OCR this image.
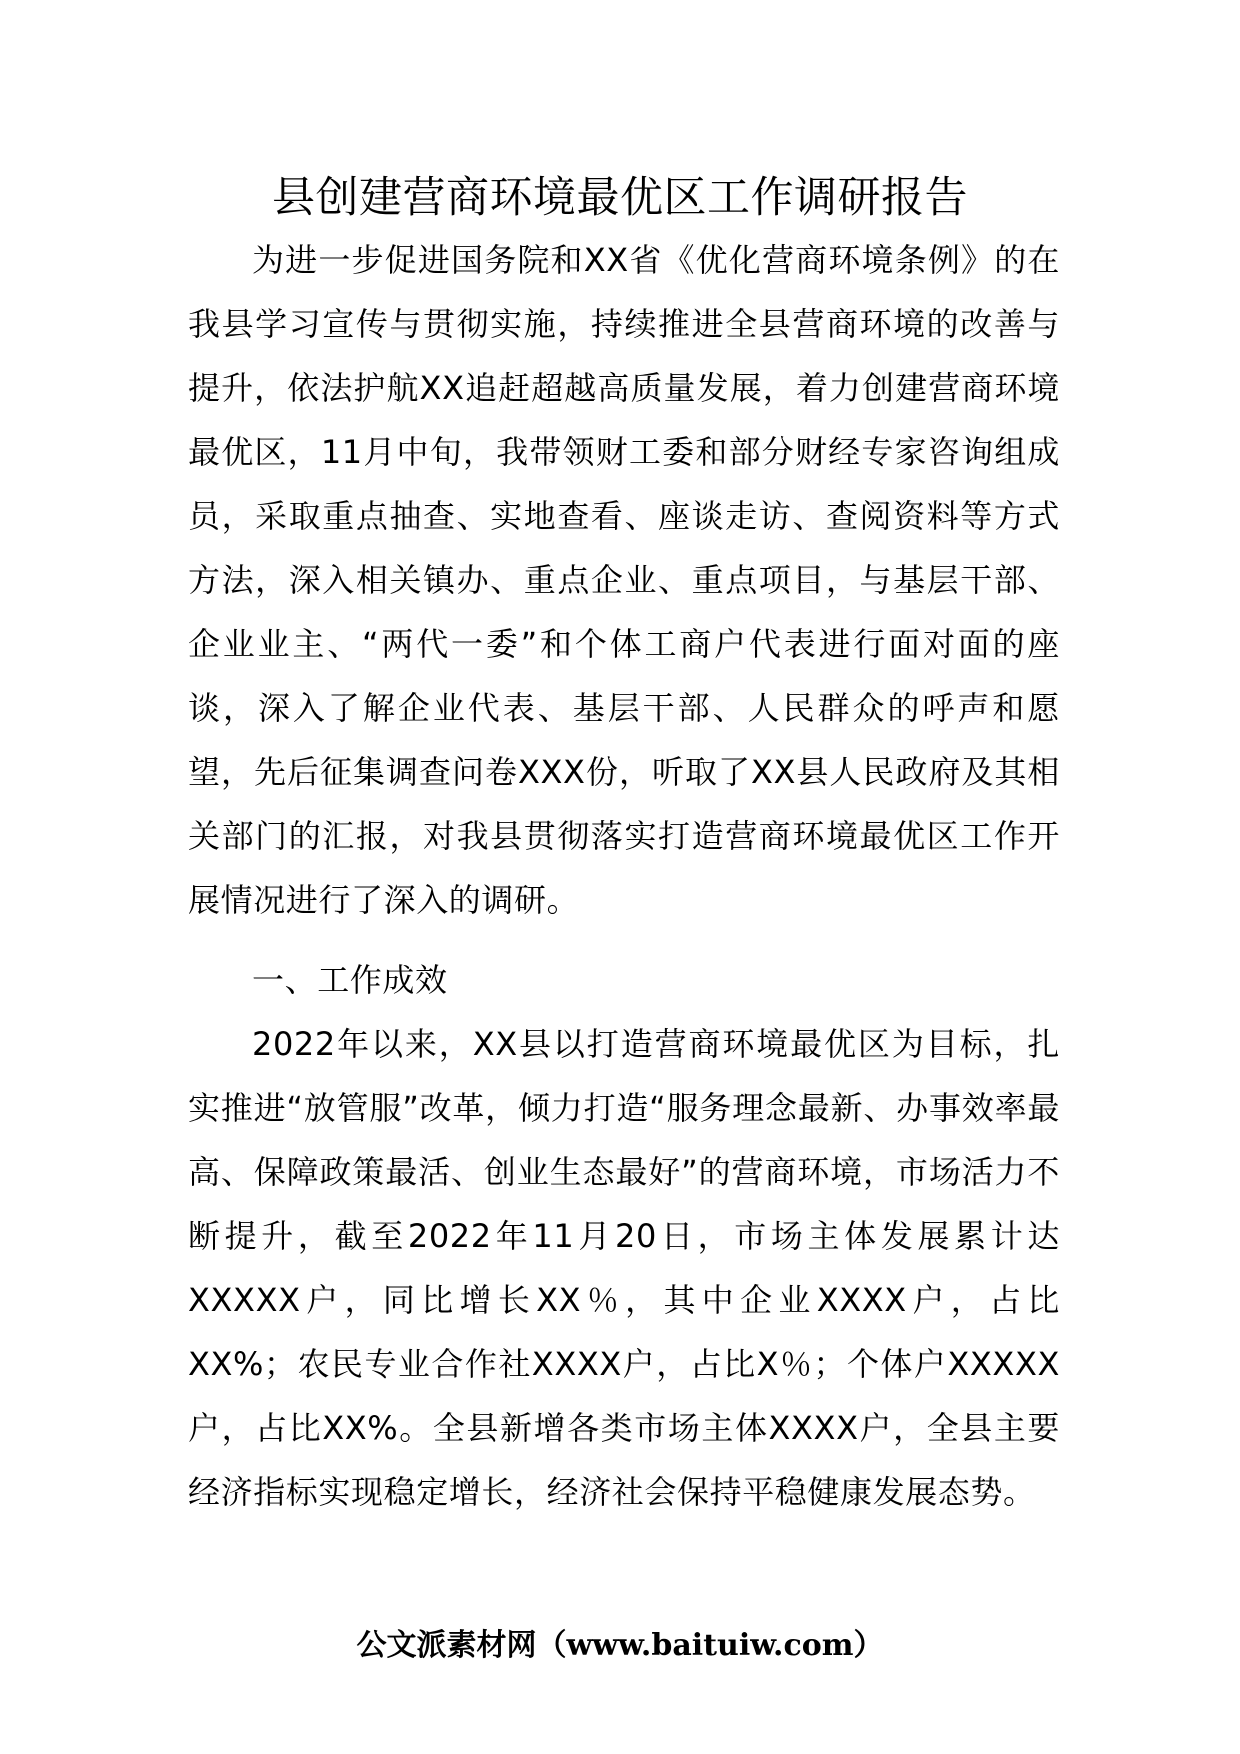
县创建营商环境最优区工作调研报告
为进一步促进国务院和XX省《优化营商环境条例》的在我县学习宣传与贯彻实施，持续推进全县营商环境的改善与提升，依法护航XX追赶超越高质量发展，着力创建营商环境最优区，11月中旬，我带领财工委和部分财经专家咨询组成员，采取重点抽查、实地查看、座谈走访、查阅资料等方式方法，深入相关镇办、重点企业、重点项目，与基层干部、企业业主、“两代一委”和个体工商户代表进行面对面的座谈，深入了解企业代表、基层干部、人民群众的呼声和愿望，先后征集调查问卷XXX份，听取了XX县人民政府及其相关部门的汇报，对我县贯彻落实打造营商环境最优区工作开展情况进行了深入的调研。
一、工作成效
2022年以来，XX县以打造营商环境最优区为目标，扎实推进“放管服”改革，倾力打造“服务理念最新、办事效率最高、保障政策最活、创业生态最好”的营商环境，市场活力不断提升，截至2022年11月20日，市场主体发展累计达XXXXX户，同比增长XX％，其中企业XXXX户，占比XX%；农民专业合作社XXXX户，占比X％；个体户XXXXX户，占比XX%。全县新增各类市场主体XXXX户，全县主要经济指标实现稳定增长，经济社会保持平稳健康发展态势。
公文派素材网（www.baituiw.com）
